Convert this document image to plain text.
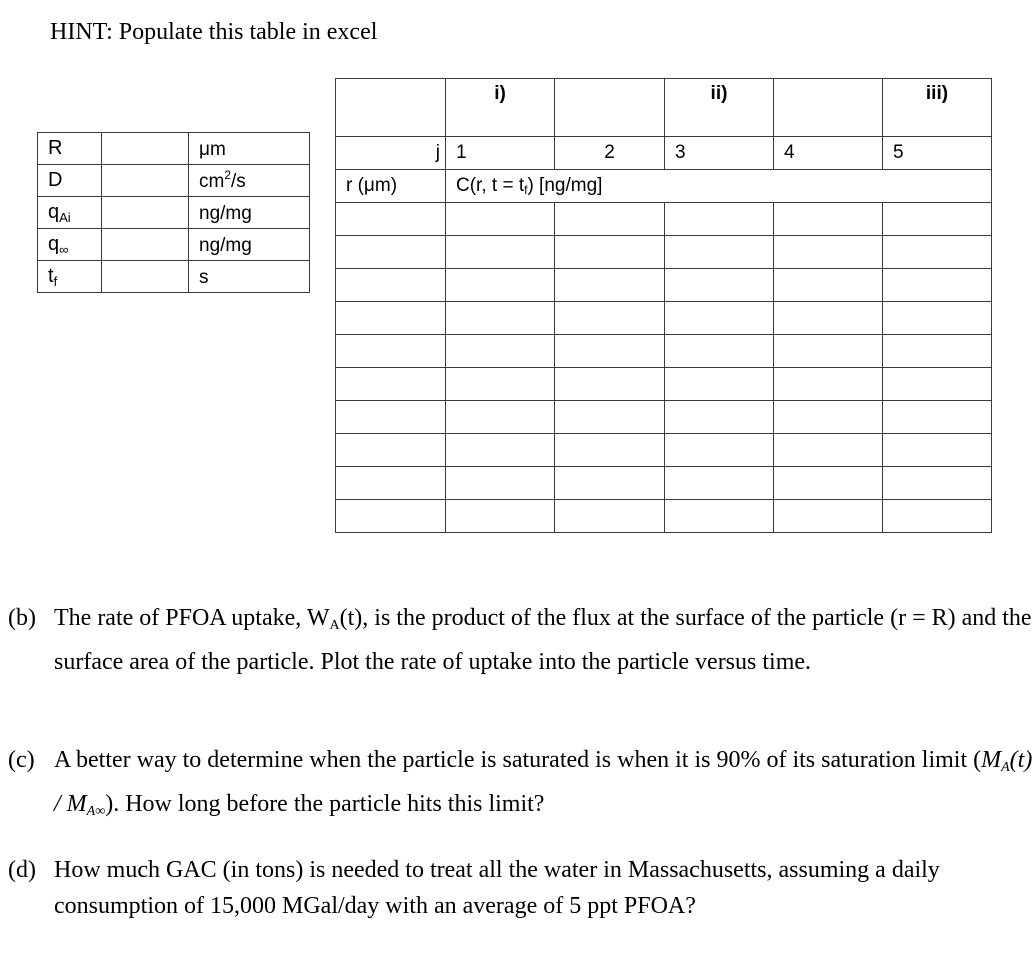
HINT: Populate this table in excel
R		μm
D		$cm^2/s$
$q_{Ai}$		ng/mg
$q_\infty$		ng/mg
$t_f$		s
	i)		ii)		iii)
j	1	2	3	4	5
r (μm)	C(r, $t = t_f$) [ng/mg]				

(b) The rate of PFOA uptake, $W_A(t)$, is the product of the flux at the surface of the particle (r = R) and the surface area of the particle. Plot the rate of uptake into the particle versus time.
(c) A better way to determine when the particle is saturated is when it is 90% of its saturation limit $(M_A(t) / M_{A\infty})$. How long before the particle hits this limit?
(d) How much GAC (in tons) is needed to treat all the water in Massachusetts, assuming a daily consumption of 15,000 MGal/day with an average of 5 ppt PFOA?
